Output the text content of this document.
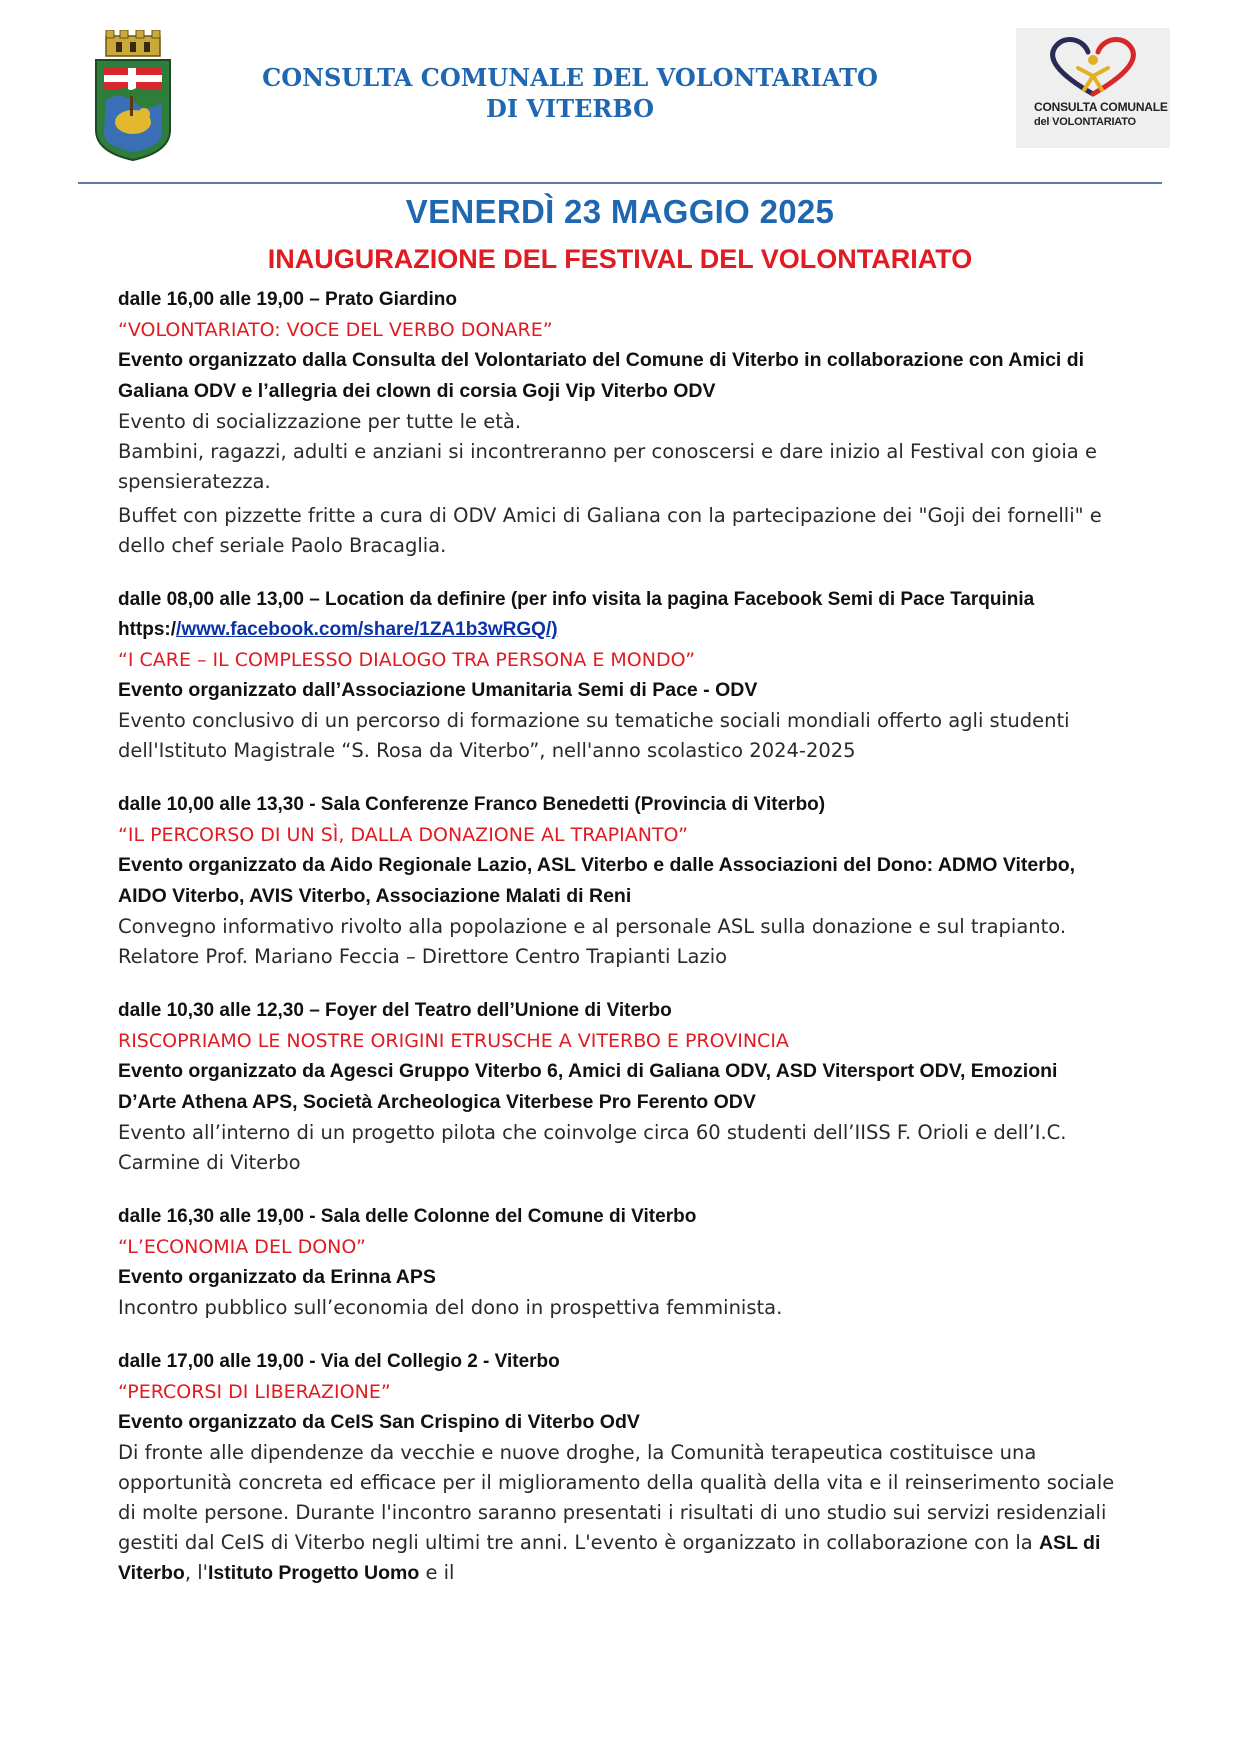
CONSULTA COMUNALE DEL VOLONTARIATO
DI VITERBO	CONSULTA COMUNALE
del VOLONTARIATO
VENERDÌ 23 MAGGIO 2025
INAUGURAZIONE DEL FESTIVAL DEL VOLONTARIATO
dalle 16,00 alle 19,00 – Prato Giardino
“VOLONTARIATO: VOCE DEL VERBO DONARE”
Evento organizzato dalla Consulta del Volontariato del Comune di Viterbo in collaborazione con Amici di Galiana ODV e l’allegria dei clown di corsia Goji Vip Viterbo ODV
Evento di socializzazione per tutte le età.
Bambini, ragazzi, adulti e anziani si incontreranno per conoscersi e dare inizio al Festival con gioia e spensieratezza.
Buffet con pizzette fritte a cura di ODV Amici di Galiana con la partecipazione dei "Goji dei fornelli" e dello chef seriale Paolo Bracaglia.
dalle 08,00 alle 13,00 – Location da definire (per info visita la pagina Facebook Semi di Pace Tarquinia https://www.facebook.com/share/1ZA1b3wRGQ/)
“I CARE – IL COMPLESSO DIALOGO TRA PERSONA E MONDO”
Evento organizzato dall’Associazione Umanitaria Semi di Pace - ODV
Evento conclusivo di un percorso di formazione su tematiche sociali mondiali offerto agli studenti dell'Istituto Magistrale “S. Rosa da Viterbo”, nell'anno scolastico 2024-2025
dalle 10,00 alle 13,30 - Sala Conferenze Franco Benedetti (Provincia di Viterbo)
“IL PERCORSO DI UN SÌ, DALLA DONAZIONE AL TRAPIANTO”
Evento organizzato da Aido Regionale Lazio, ASL Viterbo e dalle Associazioni del Dono: ADMO Viterbo, AIDO Viterbo, AVIS Viterbo, Associazione Malati di Reni
Convegno informativo rivolto alla popolazione e al personale ASL sulla donazione e sul trapianto. Relatore Prof. Mariano Feccia – Direttore Centro Trapianti Lazio
dalle 10,30 alle 12,30 – Foyer del Teatro dell’Unione di Viterbo
RISCOPRIAMO LE NOSTRE ORIGINI ETRUSCHE A VITERBO E PROVINCIA
Evento organizzato da Agesci Gruppo Viterbo 6, Amici di Galiana ODV, ASD Vitersport ODV, Emozioni D’Arte Athena APS, Società Archeologica Viterbese Pro Ferento ODV
Evento all’interno di un progetto pilota che coinvolge circa 60 studenti dell’IISS F. Orioli e dell’I.C. Carmine di Viterbo
dalle 16,30 alle 19,00 - Sala delle Colonne del Comune di Viterbo
“L’ECONOMIA DEL DONO”
Evento organizzato da Erinna APS
Incontro pubblico sull’economia del dono in prospettiva femminista.
dalle 17,00 alle 19,00 - Via del Collegio 2 - Viterbo
“PERCORSI DI LIBERAZIONE”
Evento organizzato da CeIS San Crispino di Viterbo OdV
Di fronte alle dipendenze da vecchie e nuove droghe, la Comunità terapeutica costituisce una opportunità concreta ed efficace per il miglioramento della qualità della vita e il reinserimento sociale di molte persone. Durante l'incontro saranno presentati i risultati di uno studio sui servizi residenziali gestiti dal CeIS di Viterbo negli ultimi tre anni. L'evento è organizzato in collaborazione con la ASL di Viterbo, l'Istituto Progetto Uomo e il
